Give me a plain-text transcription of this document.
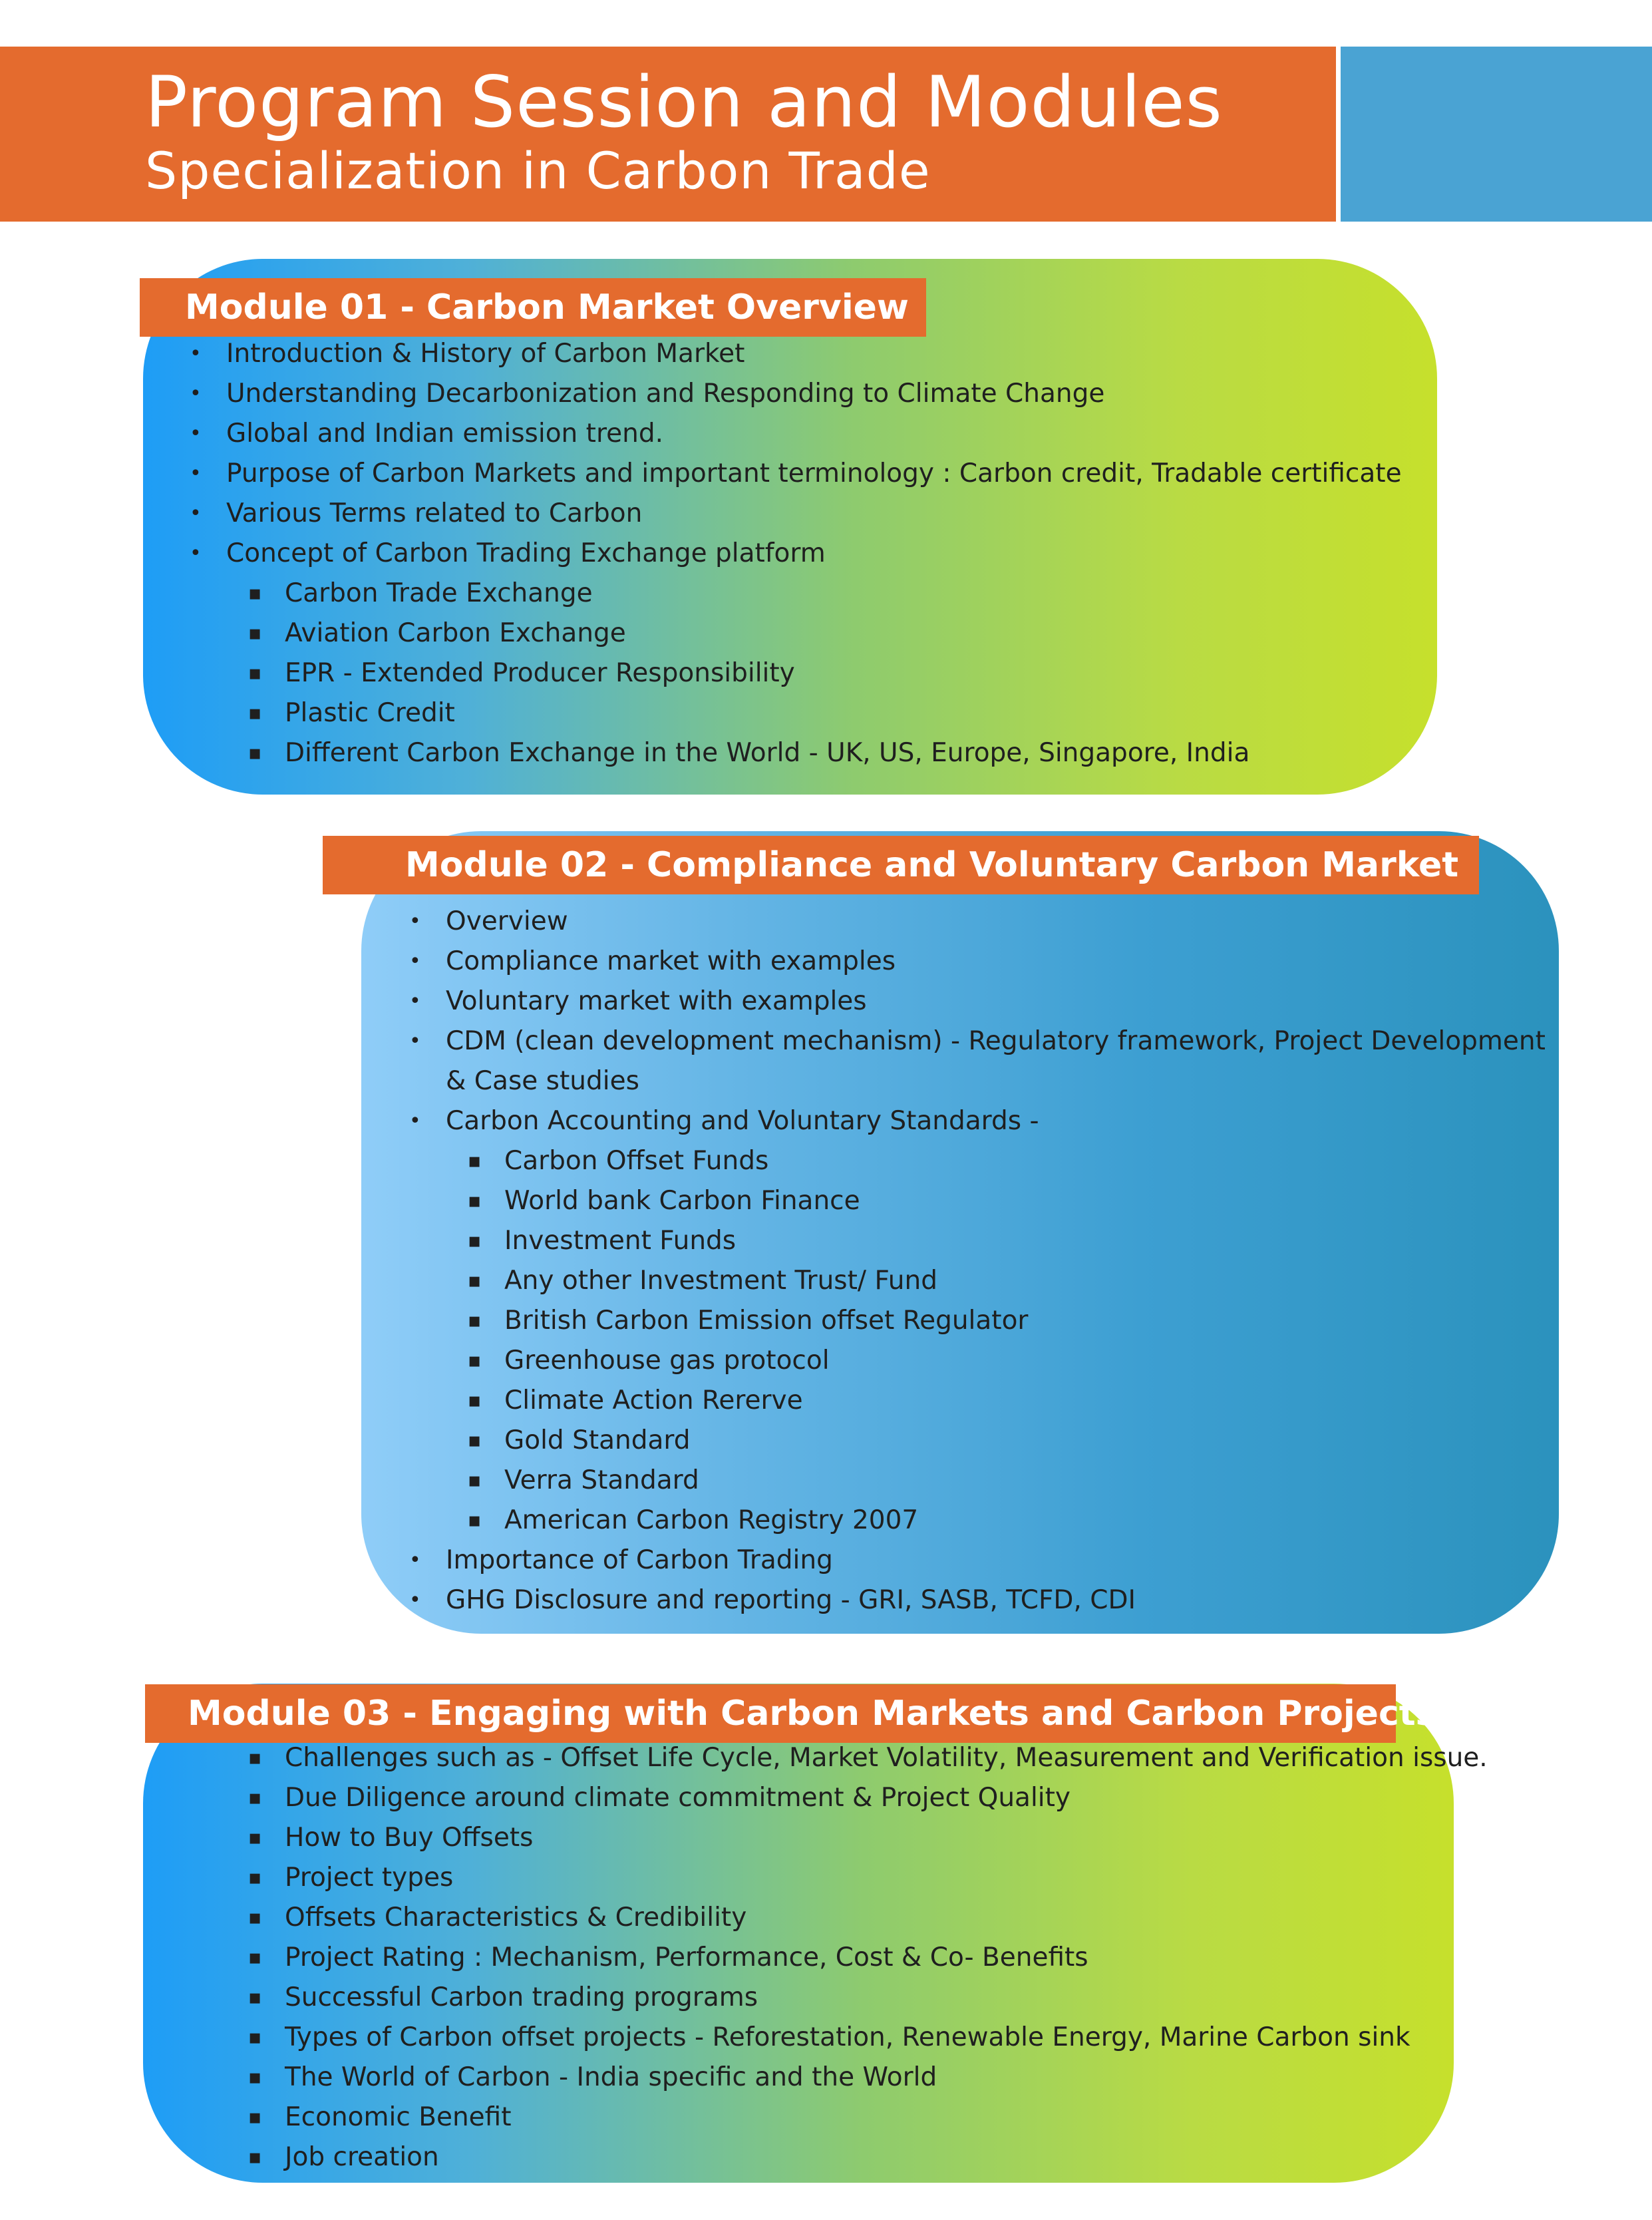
Program Session and Modules
Specialization in Carbon Trade
Module 01 - Carbon Market Overview
• Introduction & History of Carbon Market
• Understanding Decarbonization and Responding to Climate Change
• Global and Indian emission trend.
• Purpose of Carbon Markets and important terminology : Carbon credit, Tradable certificate
• Various Terms related to Carbon
• Concept of Carbon Trading Exchange platform
▪ Carbon Trade Exchange
▪ Aviation Carbon Exchange
▪ EPR - Extended Producer Responsibility
▪ Plastic Credit
▪ Different Carbon Exchange in the World - UK, US, Europe, Singapore, India
Module 02 - Compliance and Voluntary Carbon Market
• Overview
• Compliance market with examples
• Voluntary market with examples
• CDM (clean development mechanism) - Regulatory framework, Project Development
& Case studies
• Carbon Accounting and Voluntary Standards -
▪ Carbon Offset Funds
▪ World bank Carbon Finance
▪ Investment Funds
▪ Any other Investment Trust/ Fund
▪ British Carbon Emission offset Regulator
▪ Greenhouse gas protocol
▪ Climate Action Rererve
▪ Gold Standard
▪ Verra Standard
▪ American Carbon Registry 2007
• Importance of Carbon Trading
• GHG Disclosure and reporting - GRI, SASB, TCFD, CDI
Module 03 - Engaging with Carbon Markets and Carbon Projects
▪ Challenges such as - Offset Life Cycle, Market Volatility, Measurement and Verification issue.
▪ Due Diligence around climate commitment & Project Quality
▪ How to Buy Offsets
▪ Project types
▪ Offsets Characteristics & Credibility
▪ Project Rating : Mechanism, Performance, Cost & Co- Benefits
▪ Successful Carbon trading programs
▪ Types of Carbon offset projects - Reforestation, Renewable Energy, Marine Carbon sink
▪ The World of Carbon - India specific and the World
▪ Economic Benefit
▪ Job creation
